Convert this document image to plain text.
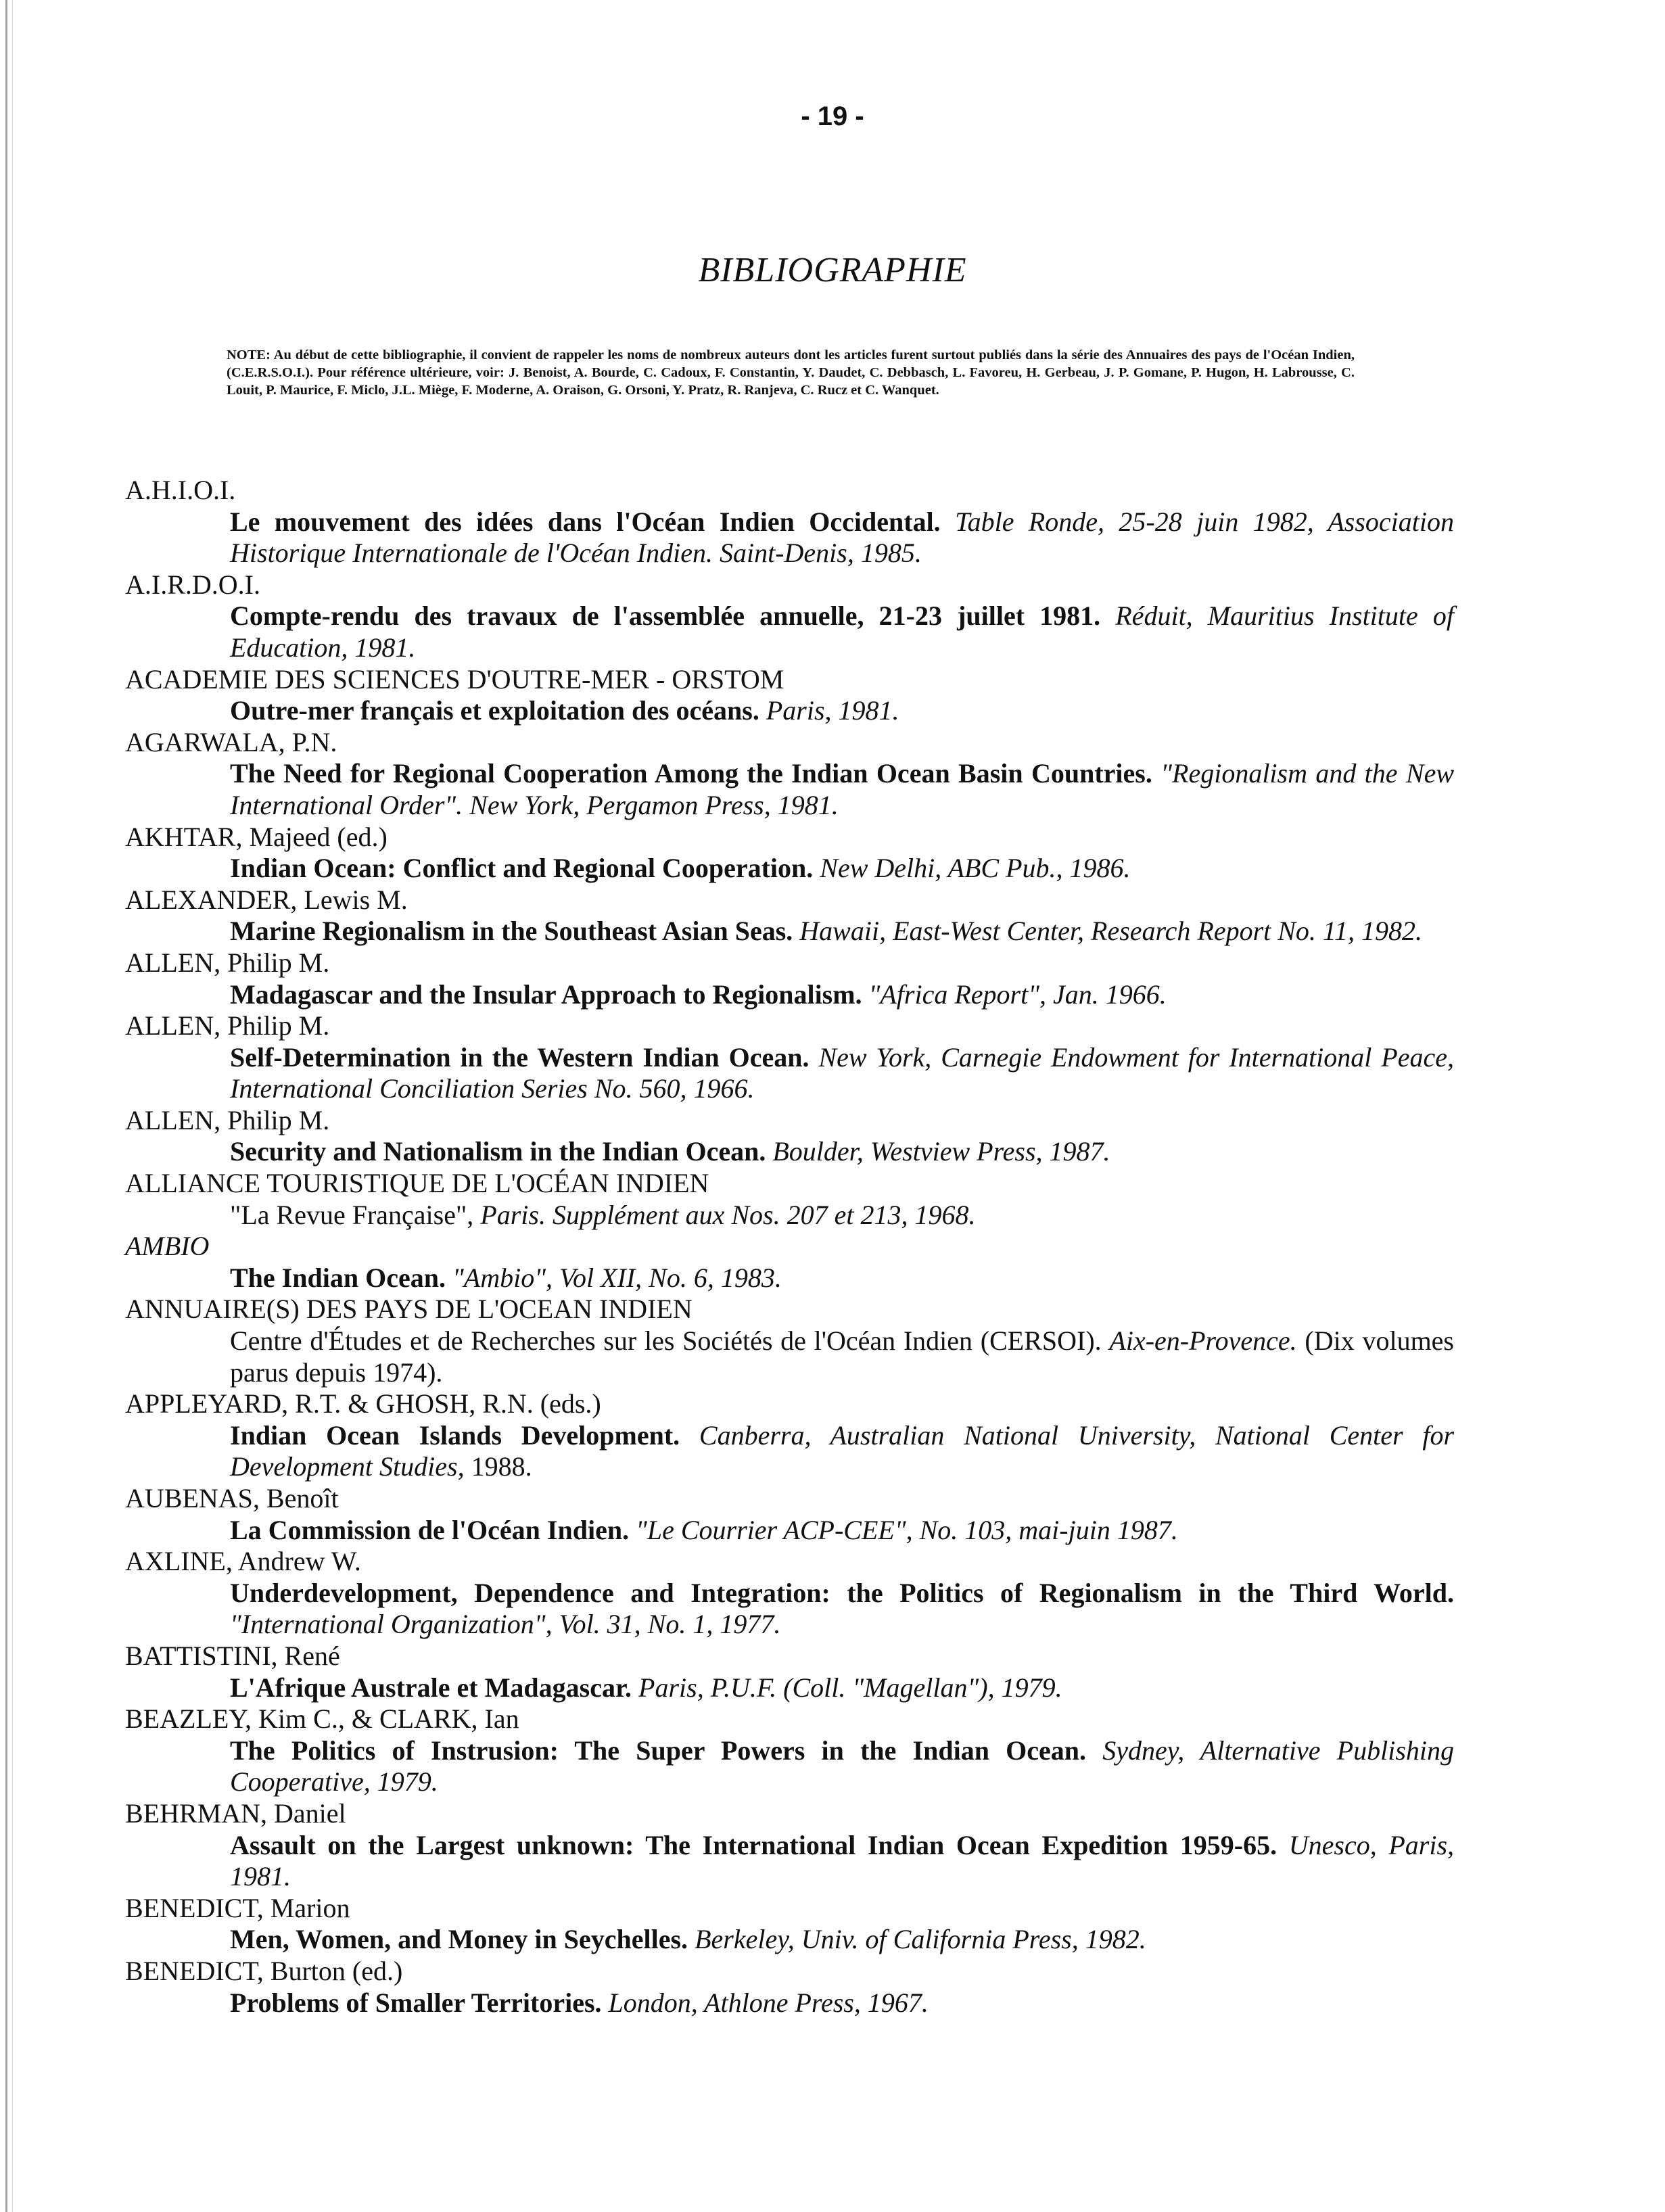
- 19 -
BIBLIOGRAPHIE
NOTE: Au début de cette bibliographie, il convient de rappeler les noms de nombreux auteurs dont les articles furent surtout publiés dans la série des Annuaires des pays de l'Océan Indien, (C.E.R.S.O.I.). Pour référence ultérieure, voir: J. Benoist, A. Bourde, C. Cadoux, F. Constantin, Y. Daudet, C. Debbasch, L. Favoreu, H. Gerbeau, J. P. Gomane, P. Hugon, H. Labrousse, C. Louit, P. Maurice, F. Miclo, J.L. Miège, F. Moderne, A. Oraison, G. Orsoni, Y. Pratz, R. Ranjeva, C. Rucz et C. Wanquet.
A.H.I.O.I.
Le mouvement des idées dans l'Océan Indien Occidental. Table Ronde, 25-28 juin 1982, Association Historique Internationale de l'Océan Indien. Saint-Denis, 1985.
A.I.R.D.O.I.
Compte-rendu des travaux de l'assemblée annuelle, 21-23 juillet 1981. Réduit, Mauritius Institute of Education, 1981.
ACADEMIE DES SCIENCES D'OUTRE-MER - ORSTOM
Outre-mer français et exploitation des océans. Paris, 1981.
AGARWALA, P.N.
The Need for Regional Cooperation Among the Indian Ocean Basin Countries. "Regionalism and the New International Order". New York, Pergamon Press, 1981.
AKHTAR, Majeed (ed.)
Indian Ocean: Conflict and Regional Cooperation. New Delhi, ABC Pub., 1986.
ALEXANDER, Lewis M.
Marine Regionalism in the Southeast Asian Seas. Hawaii, East-West Center, Research Report No. 11, 1982.
ALLEN, Philip M.
Madagascar and the Insular Approach to Regionalism. "Africa Report", Jan. 1966.
ALLEN, Philip M.
Self-Determination in the Western Indian Ocean. New York, Carnegie Endowment for International Peace, International Conciliation Series No. 560, 1966.
ALLEN, Philip M.
Security and Nationalism in the Indian Ocean. Boulder, Westview Press, 1987.
ALLIANCE TOURISTIQUE DE L'OCÉAN INDIEN
"La Revue Française", Paris. Supplément aux Nos. 207 et 213, 1968.
AMBIO
The Indian Ocean. "Ambio", Vol XII, No. 6, 1983.
ANNUAIRE(S) DES PAYS DE L'OCEAN INDIEN
Centre d'Études et de Recherches sur les Sociétés de l'Océan Indien (CERSOI). Aix-en-Provence. (Dix volumes parus depuis 1974).
APPLEYARD, R.T. & GHOSH, R.N. (eds.)
Indian Ocean Islands Development. Canberra, Australian National University, National Center for Development Studies, 1988.
AUBENAS, Benoît
La Commission de l'Océan Indien. "Le Courrier ACP-CEE", No. 103, mai-juin 1987.
AXLINE, Andrew W.
Underdevelopment, Dependence and Integration: the Politics of Regionalism in the Third World. "International Organization", Vol. 31, No. 1, 1977.
BATTISTINI, René
L'Afrique Australe et Madagascar. Paris, P.U.F. (Coll. "Magellan"), 1979.
BEAZLEY, Kim C., & CLARK, Ian
The Politics of Instrusion: The Super Powers in the Indian Ocean. Sydney, Alternative Publishing Cooperative, 1979.
BEHRMAN, Daniel
Assault on the Largest unknown: The International Indian Ocean Expedition 1959-65. Unesco, Paris, 1981.
BENEDICT, Marion
Men, Women, and Money in Seychelles. Berkeley, Univ. of California Press, 1982.
BENEDICT, Burton (ed.)
Problems of Smaller Territories. London, Athlone Press, 1967.
